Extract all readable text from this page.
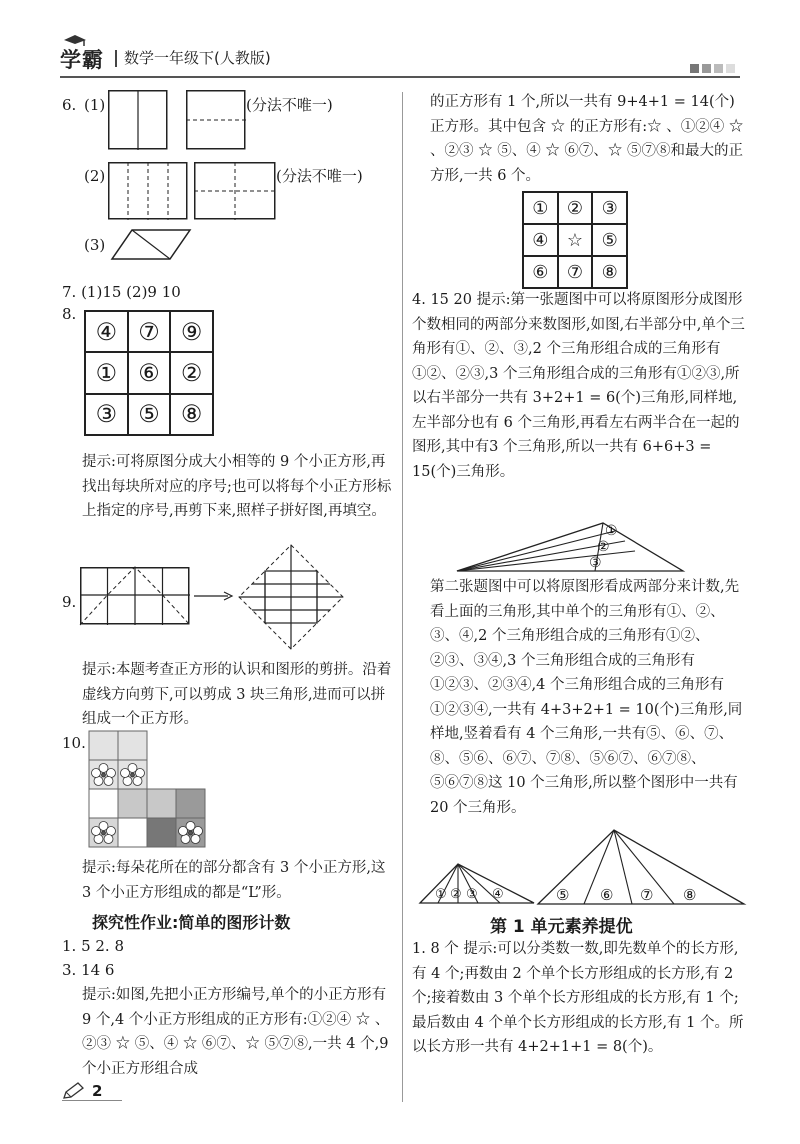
学霸 数学一年级下(人教版)
6. (1)	(分法不唯一)
(2)	(分法不唯一)
(3)
7. (1)15 (2)9 10
8.
④ ⑦ ⑨
① ⑥ ②
③ ⑤ ⑧
提示:可将原图分成大小相等的 9 个小正方形,再找出每块所对应的序号;也可以将每个小正方形标上指定的序号,再剪下来,照样子拼好图,再填空。
9.
提示:本题考查正方形的认识和图形的剪拼。沿着虚线方向剪下,可以剪成 3 块三角形,进而可以拼组成一个正方形。
10.
提示:每朵花所在的部分都含有 3 个小正方形,这 3 个小正方形组成的都是“L”形。
探究性作业:简单的图形计数
1. 5 2. 8
3. 14 6
提示:如图,先把小正方形编号,单个的小正方形有 9 个,4 个小正方形组成的正方形有:①②④ ☆ 、②③ ☆ ⑤、④ ☆ ⑥⑦、☆ ⑤⑦⑧,一共 4 个,9 个小正方形组合成
2
的正方形有 1 个,所以一共有 9+4+1 = 14(个)正方形。其中包含 ☆ 的正方形有:☆ 、①②④ ☆ 、②③ ☆ ⑤、④ ☆ ⑥⑦、☆ ⑤⑦⑧和最大的正方形,一共 6 个。
①	②	③
④	☆	⑤
⑥	⑦	⑧
4. 15 20 提示:第一张题图中可以将原图形分成图形个数相同的两部分来数图形,如图,右半部分中,单个三角形有①、②、③,2 个三角形组合成的三角形有①②、②③,3 个三角形组合成的三角形有①②③,所以右半部分一共有 3+2+1 = 6(个)三角形,同样地,左半部分也有 6 个三角形,再看左右两半合在一起的图形,其中有3 个三角形,所以一共有 6+6+3 = 15(个)三角形。
①
②
③
第二张题图中可以将原图形看成两部分来计数,先看上面的三角形,其中单个的三角形有①、②、③、④,2 个三角形组合成的三角形有①②、②③、③④,3 个三角形组合成的三角形有①②③、②③④,4 个三角形组合成的三角形有①②③④,一共有 4+3+2+1 = 10(个)三角形,同样地,竖着看有 4 个三角形,一共有⑤、⑥、⑦、⑧、⑤⑥、⑥⑦、⑦⑧、⑤⑥⑦、⑥⑦⑧、⑤⑥⑦⑧这 10 个三角形,所以整个图形中一共有 20 个三角形。
① ② ③ ④	⑤ ⑥ ⑦ ⑧
第 1 单元素养提优
1. 8 个 提示:可以分类数一数,即先数单个的长方形,有 4 个;再数由 2 个单个长方形组成的长方形,有 2 个;接着数由 3 个单个长方形组成的长方形,有 1 个;最后数由 4 个单个长方形组成的长方形,有 1 个。所以长方形一共有 4+2+1+1 = 8(个)。
